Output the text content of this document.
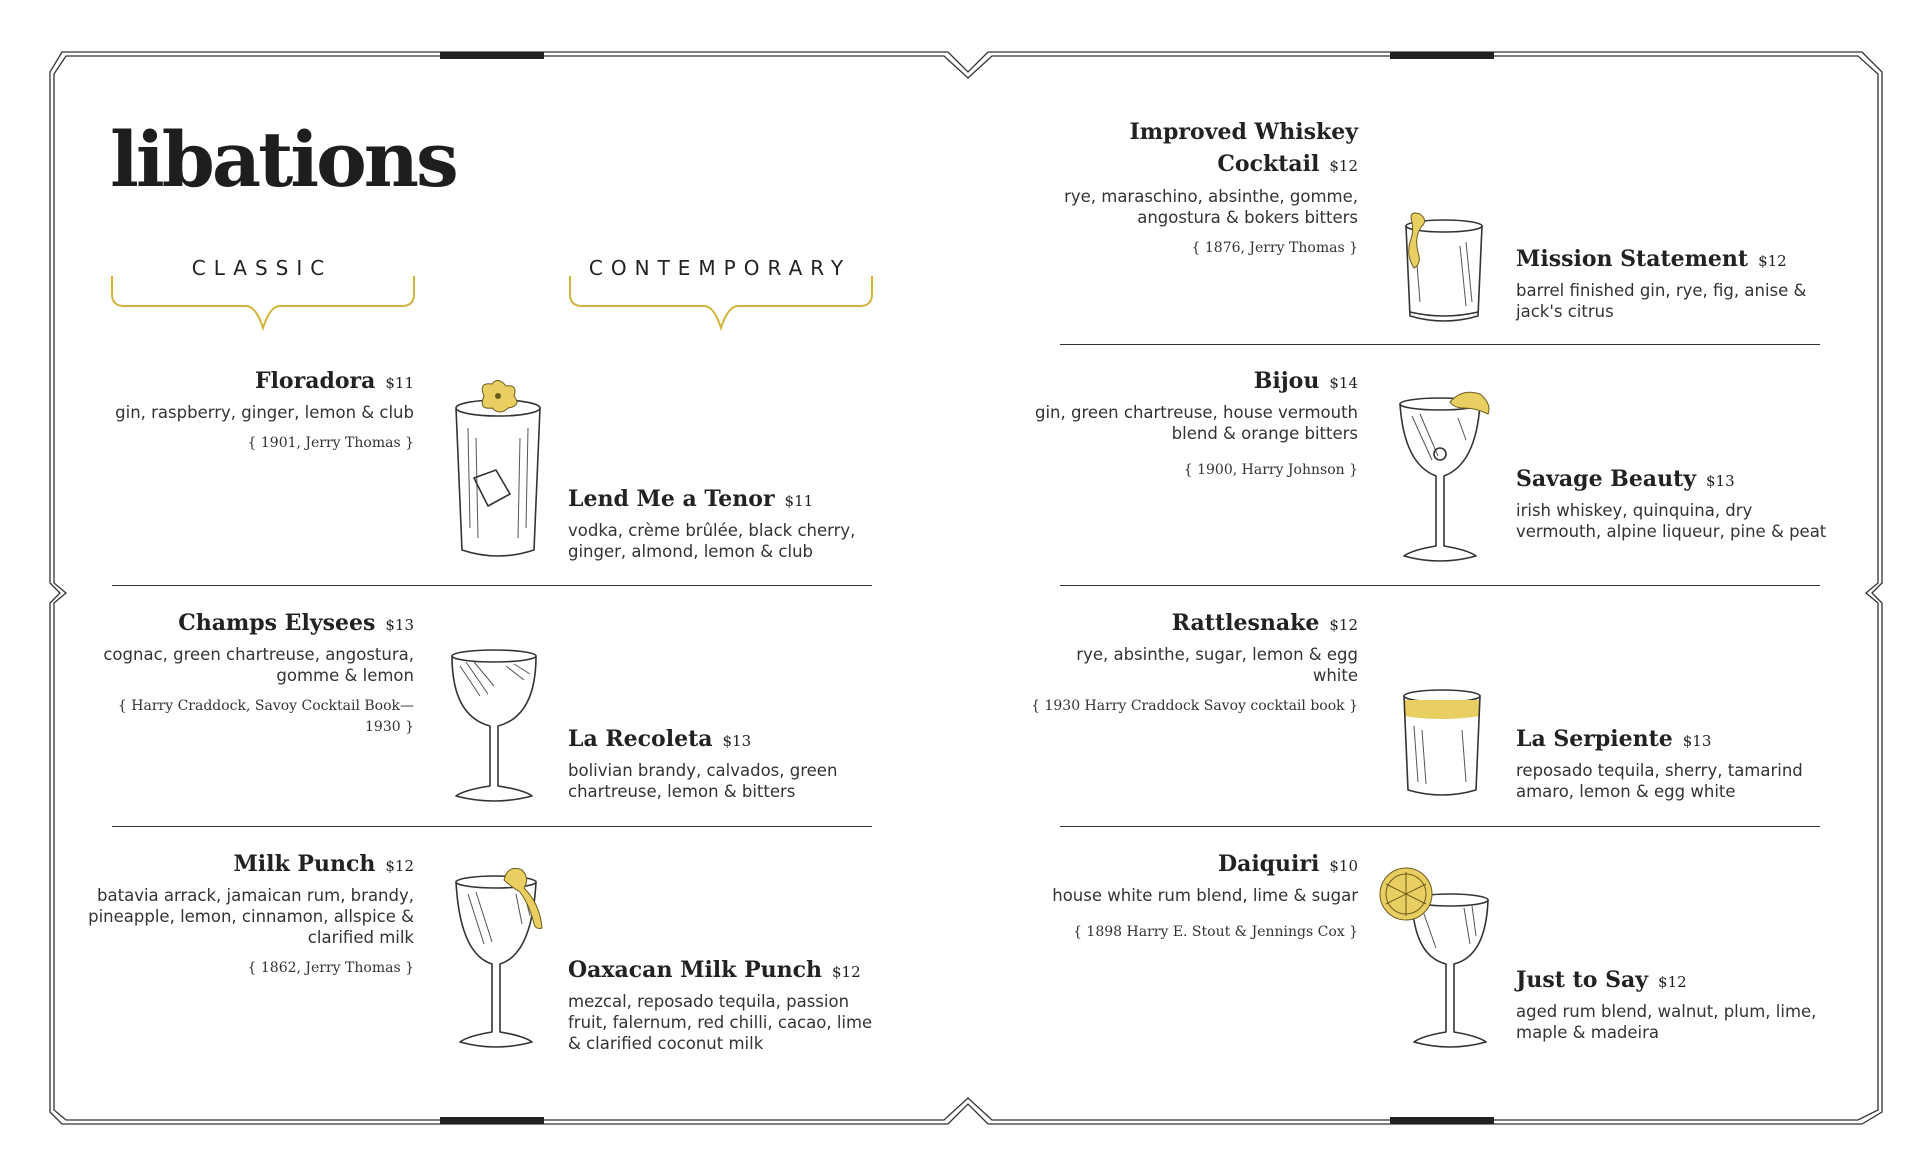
libations
CLASSIC	CONTEMPORARY
Floradora $11
gin, raspberry, ginger, lemon & club
{ 1901, Jerry Thomas }
Lend Me a Tenor $11
vodka, crème brûlée, black cherry, ginger, almond, lemon & club
Champs Elysees $13
cognac, green chartreuse, angostura, gomme & lemon
{ Harry Craddock, Savoy Cocktail Book—1930 }	La Recoleta $13
bolivian brandy, calvados, green chartreuse, lemon & bitters
Milk Punch $12
batavia arrack, jamaican rum, brandy, pineapple, lemon, cinnamon, allspice & clarified milk
{ 1862, Jerry Thomas }	Oaxacan Milk Punch $12
mezcal, reposado tequila, passion fruit, falernum, red chilli, cacao, lime & clarified coconut milk
Improved Whiskey Cocktail $12
rye, maraschino, absinthe, gomme, angostura & bokers bitters
{ 1876, Jerry Thomas }	Mission Statement $12
barrel finished gin, rye, fig, anise & jack's citrus
Bijou $14
gin, green chartreuse, house vermouth blend & orange bitters
{ 1900, Harry Johnson }	Savage Beauty $13
irish whiskey, quinquina, dry vermouth, alpine liqueur, pine & peat
Rattlesnake $12
rye, absinthe, sugar, lemon & egg white
{ 1930 Harry Craddock Savoy cocktail book }
La Serpiente $13
reposado tequila, sherry, tamarind amaro, lemon & egg white
Daiquiri $10
house white rum blend, lime & sugar
{ 1898 Harry E. Stout & Jennings Cox }
Just to Say $12
aged rum blend, walnut, plum, lime, maple & madeira
